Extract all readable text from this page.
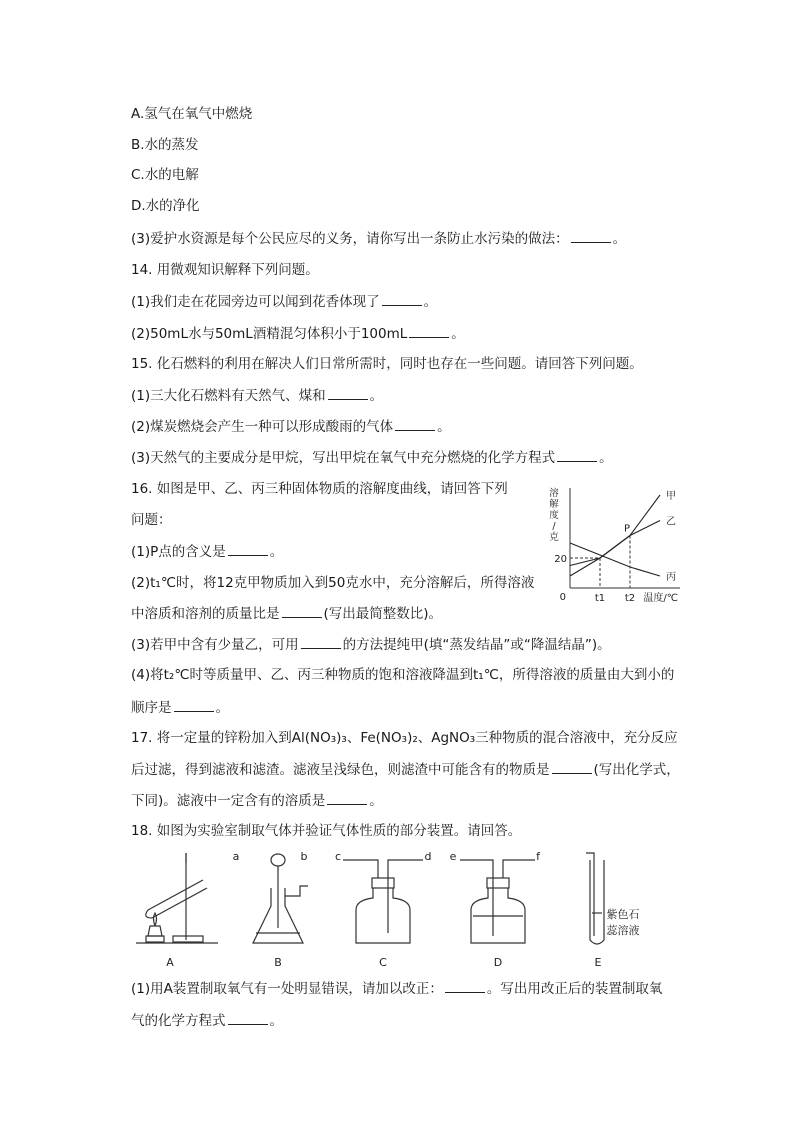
A.氢气在氧气中燃烧
B.水的蒸发
C.水的电解
D.水的净化
(3)爱护水资源是每个公民应尽的义务，请你写出一条防止水污染的做法：	。
14. 用微观知识解释下列问题。
(1)我们走在花园旁边可以闻到花香体现了	。
(2)50mL水与50mL酒精混匀体积小于100mL	。
15. 化石燃料的利用在解决人们日常所需时，同时也存在一些问题。请回答下列问题。
(1)三大化石燃料有天然气、煤和	。
(2)煤炭燃烧会产生一种可以形成酸雨的气体	。
(3)天然气的主要成分是甲烷，写出甲烷在氧气中充分燃烧的化学方程式	。
16. 如图是甲、乙、丙三种固体物质的溶解度曲线，请回答下列
问题：
(1)P点的含义是	。
(2)t₁℃时，将12克甲物质加入到50克水中，充分溶解后，所得溶液
中溶质和溶剂的质量比是	(写出最简整数比)。
(3)若甲中含有少量乙，可用	的方法提纯甲(填“蒸发结晶”或“降温结晶”)。
(4)将t₂℃时等质量甲、乙、丙三种物质的饱和溶液降温到t₁℃，所得溶液的质量由大到小的
顺序是	。
17. 将一定量的锌粉加入到Al(NO₃)₃、Fe(NO₃)₂、AgNO₃三种物质的混合溶液中，充分反应
后过滤，得到滤液和滤渣。滤液呈浅绿色，则滤渣中可能含有的物质是	(写出化学式，
下同)。滤液中一定含有的溶质是	。
18. 如图为实验室制取气体并验证气体性质的部分装置。请回答。
(1)用A装置制取氧气有一处明显错误，请加以改正：	。写出用改正后的装置制取氧
气的化学方程式	。
甲
乙
丙
P
0	t1 t2
20
温度/℃
溶
解
度
/
克
A	B	C	D	E
a	b c	d e	f
紫色石
蕊溶液
